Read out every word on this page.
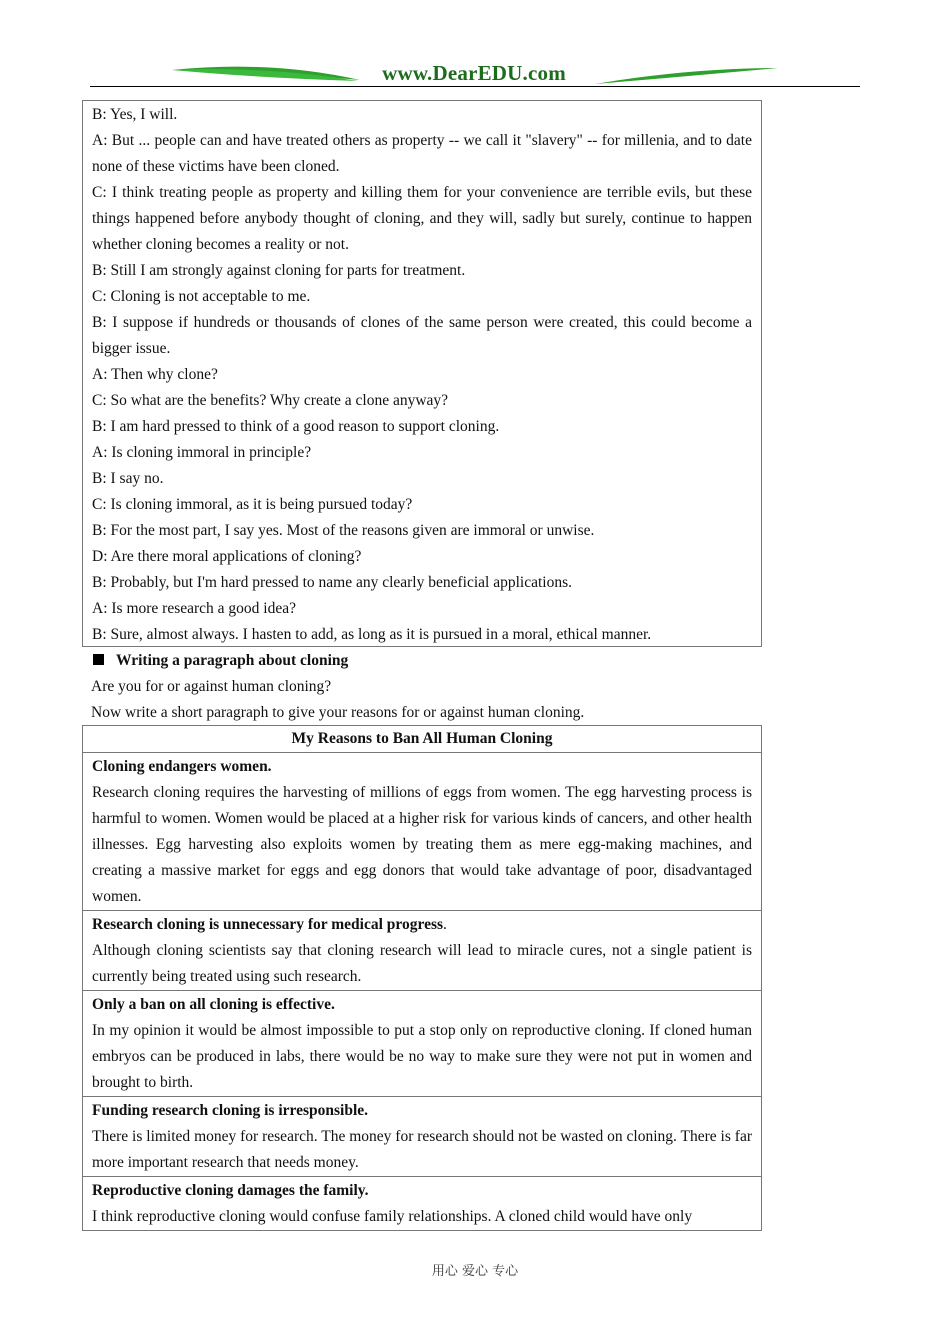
www.DearEDU.com

B: Yes, I will.

A: But ... people can and have treated others as property -- we call it "slavery" -- for millenia, and to date none of these victims have been cloned.

C: I think treating people as property and killing them for your convenience are terrible evils, but these things happened before anybody thought of cloning, and they will, sadly but surely, continue to happen whether cloning becomes a reality or not.

B: Still I am strongly against cloning for parts for treatment.

C: Cloning is not acceptable to me.

B: I suppose if hundreds or thousands of clones of the same person were created, this could become a bigger issue.

A: Then why clone?

C: So what are the benefits? Why create a clone anyway?

B: I am hard pressed to think of a good reason to support cloning.

A: Is cloning immoral in principle?

B: I say no.

C: Is cloning immoral, as it is being pursued today?

B: For the most part, I say yes. Most of the reasons given are immoral or unwise.

D: Are there moral applications of cloning?

B: Probably, but I'm hard pressed to name any clearly beneficial applications.

A: Is more research a good idea?

B: Sure, almost always. I hasten to add, as long as it is pursued in a moral, ethical manner.

Writing a paragraph about cloning

Are you for or against human cloning?

Now write a short paragraph to give your reasons for or against human cloning.

My Reasons to Ban All Human Cloning

Cloning endangers women.

Research cloning requires the harvesting of millions of eggs from women. The egg harvesting process is harmful to women. Women would be placed at a higher risk for various kinds of cancers, and other health illnesses. Egg harvesting also exploits women by treating them as mere egg-making machines, and creating a massive market for eggs and egg donors that would take advantage of poor, disadvantaged women.

Research cloning is unnecessary for medical progress.

Although cloning scientists say that cloning research will lead to miracle cures, not a single patient is currently being treated using such research.

Only a ban on all cloning is effective.

In my opinion it would be almost impossible to put a stop only on reproductive cloning. If cloned human embryos can be produced in labs, there would be no way to make sure they were not put in women and brought to birth.

Funding research cloning is irresponsible.

There is limited money for research. The money for research should not be wasted on cloning. There is far more important research that needs money.

Reproductive cloning damages the family.

I think reproductive cloning would confuse family relationships. A cloned child would have only

用心 爱心 专心
